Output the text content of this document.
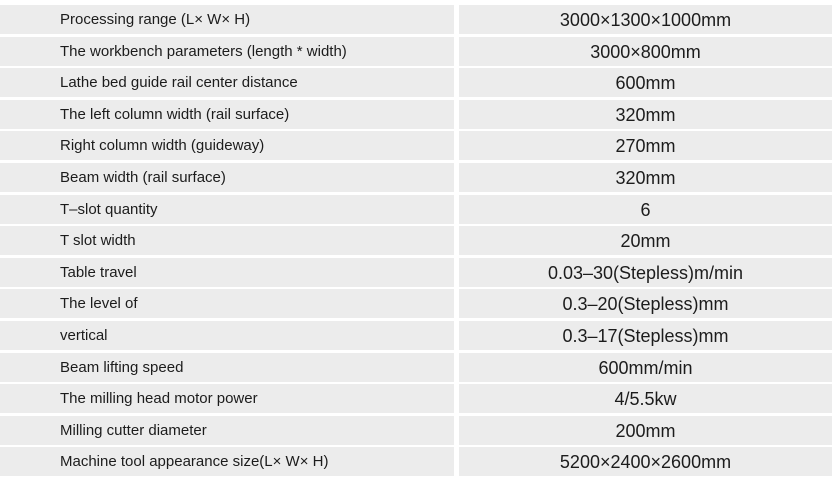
Processing range (L× W× H)	3000×1300×1000mm
The workbench parameters (length * width)	3000×800mm
Lathe bed guide rail center distance	600mm
The left column width (rail surface)	320mm
Right column width (guideway)	270mm
Beam width (rail surface)	320mm
T–slot quantity	6
T slot width	20mm
Table travel	0.03–30(Stepless)m/min
The level of	0.3–20(Stepless)mm
vertical	0.3–17(Stepless)mm
Beam lifting speed	600mm/min
The milling head motor power	4/5.5kw
Milling cutter diameter	200mm
Machine tool appearance size(L× W× H)	5200×2400×2600mm
